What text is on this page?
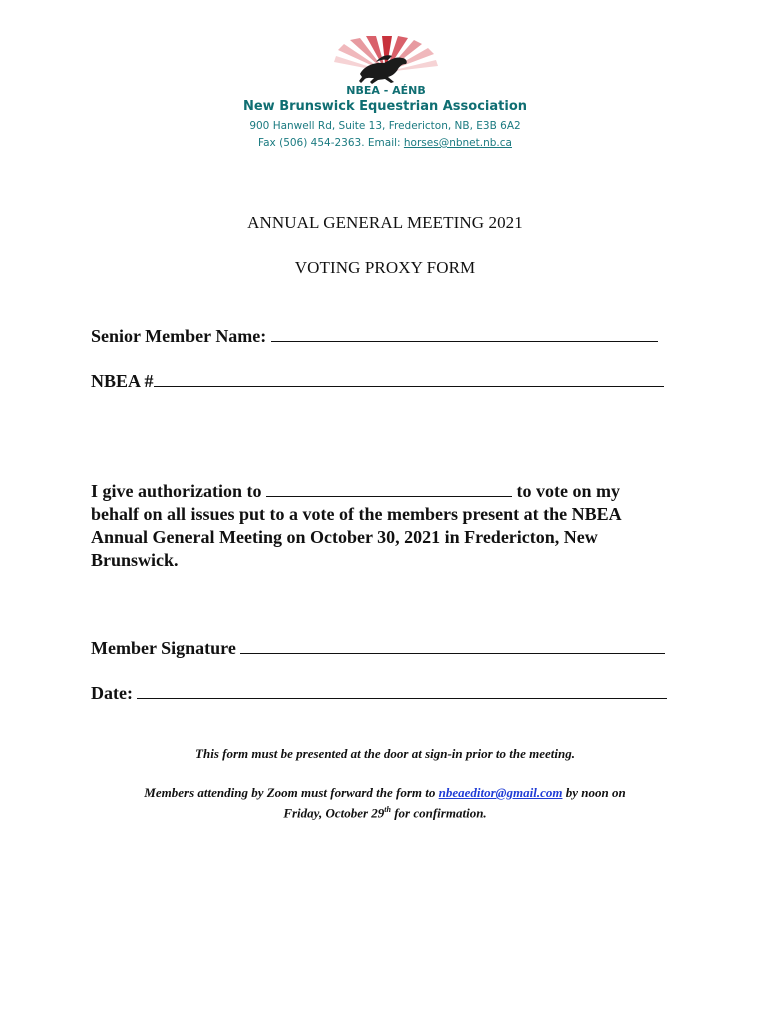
NBEA - AÉNB
New Brunswick Equestrian Association
900 Hanwell Rd, Suite 13, Fredericton, NB, E3B 6A2
Fax (506) 454-2363. Email: horses@nbnet.nb.ca
ANNUAL GENERAL MEETING 2021
VOTING PROXY FORM
Senior Member Name:
NBEA #
I give authorization to	to vote on my
behalf on all issues put to a vote of the members present at the NBEA
Annual General Meeting on October 30, 2021 in Fredericton, New
Brunswick.
Member Signature
Date:
This form must be presented at the door at sign-in prior to the meeting.
Members attending by Zoom must forward the form to nbeaeditor@gmail.com by noon on
Friday, October 29th for confirmation.
